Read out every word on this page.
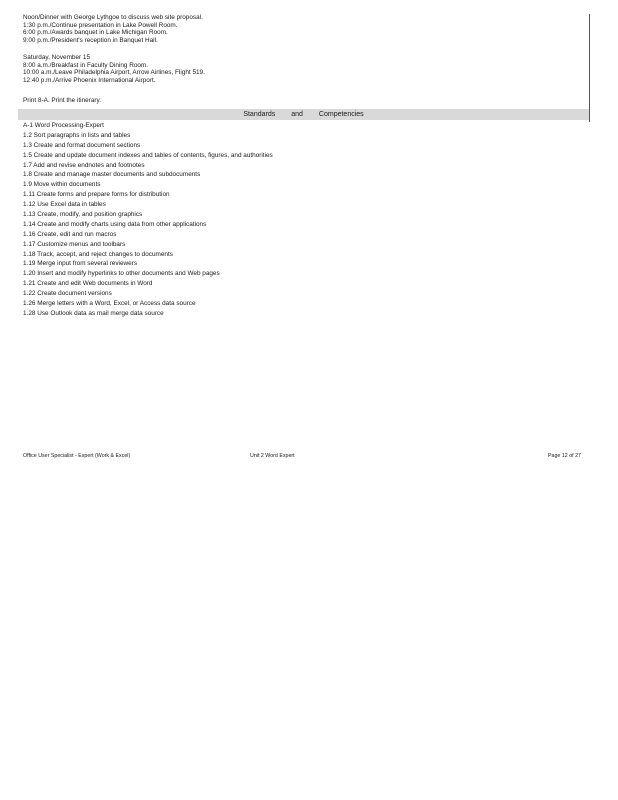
Noon/Dinner with George Lythgoe to discuss web site proposal.
1:30 p.m./Continue presentation in Lake Powell Room.
6:00 p.m./Awards banquet in Lake Michigan Room.
9:00 p.m./President's reception in Banquet Hall.
Saturday, November 15
8:00 a.m./Breakfast in Faculty Dining Room.
10:00 a.m./Leave Philadelphia Airport, Arrow Airlines, Flight 519.
12:40 p.m./Arrive Phoenix International Airport.
Print 8-A. Print the itinerary.
Standards and Competencies
A-1 Word Processing-Expert
1.2 Sort paragraphs in lists and tables
1.3 Create and format document sections
1.5 Create and update document indexes and tables of contents, figures, and authorities
1.7 Add and revise endnotes and footnotes
1.8 Create and manage master documents and subdocuments
1.9 Move within documents
1.11 Create forms and prepare forms for distribution
1.12 Use Excel data in tables
1.13 Create, modify, and position graphics
1.14 Create and modify charts using data from other applications
1.16 Create, edit and run macros
1.17 Customize menus and toolbars
1.18 Track, accept, and reject changes to documents
1.19 Merge input from several reviewers
1.20 Insert and modify hyperlinks to other documents and Web pages
1.21 Create and edit Web documents in Word
1.22 Create document versions
1.26 Merge letters with a Word, Excel, or Access data source
1.28 Use Outlook data as mail merge data source
Office User Specialist - Expert (Work & Excel)	Unit 2 Word Expert	Page 12 of 27
